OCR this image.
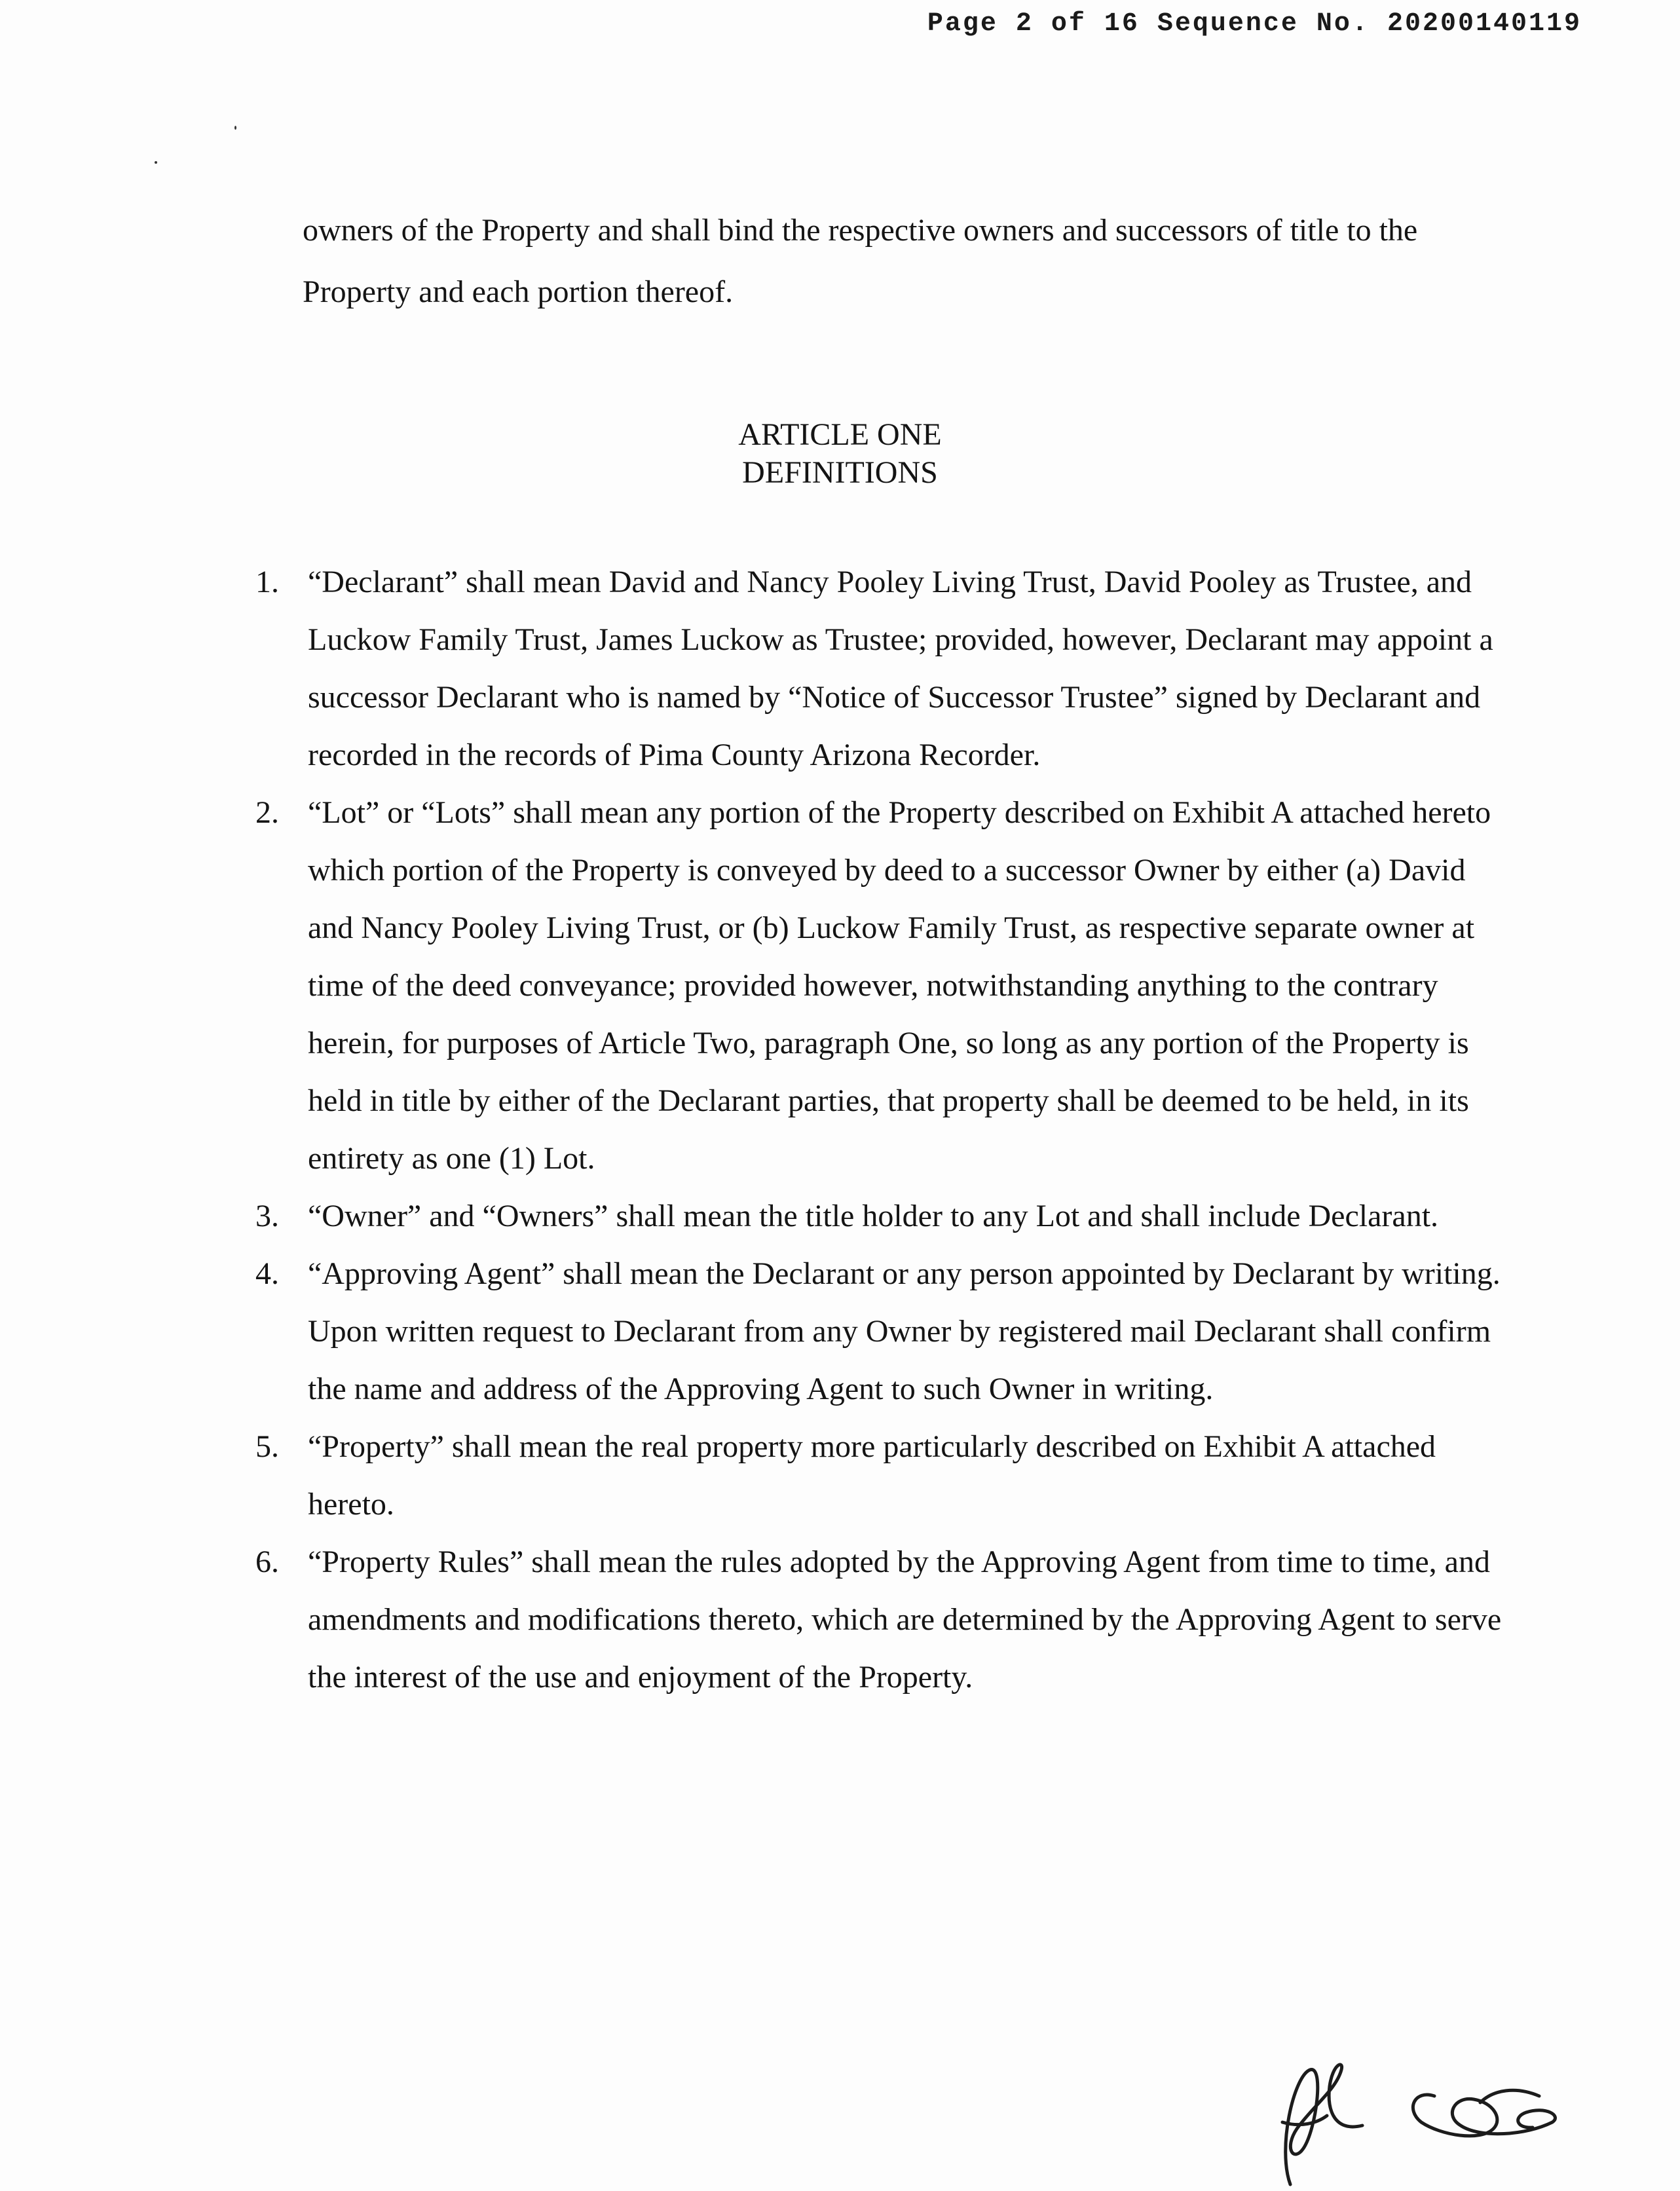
Page 2 of 16 Sequence No. 20200140119
owners of the Property and shall bind the respective owners and successors of title to the Property and each portion thereof.
ARTICLE ONE
DEFINITIONS
1. “Declarant” shall mean David and Nancy Pooley Living Trust, David Pooley as Trustee, and Luckow Family Trust, James Luckow as Trustee; provided, however, Declarant may appoint a successor Declarant who is named by “Notice of Successor Trustee” signed by Declarant and recorded in the records of Pima County Arizona Recorder.
2. “Lot” or “Lots” shall mean any portion of the Property described on Exhibit A attached hereto which portion of the Property is conveyed by deed to a successor Owner by either (a) David and Nancy Pooley Living Trust, or (b) Luckow Family Trust, as respective separate owner at time of the deed conveyance; provided however, notwithstanding anything to the contrary herein, for purposes of Article Two, paragraph One, so long as any portion of the Property is held in title by either of the Declarant parties, that property shall be deemed to be held, in its entirety as one (1) Lot.
3. “Owner” and “Owners” shall mean the title holder to any Lot and shall include Declarant.
4. “Approving Agent” shall mean the Declarant or any person appointed by Declarant by writing. Upon written request to Declarant from any Owner by registered mail Declarant shall confirm the name and address of the Approving Agent to such Owner in writing.
5. “Property” shall mean the real property more particularly described on Exhibit A attached hereto.
6. “Property Rules” shall mean the rules adopted by the Approving Agent from time to time, and amendments and modifications thereto, which are determined by the Approving Agent to serve the interest of the use and enjoyment of the Property.
